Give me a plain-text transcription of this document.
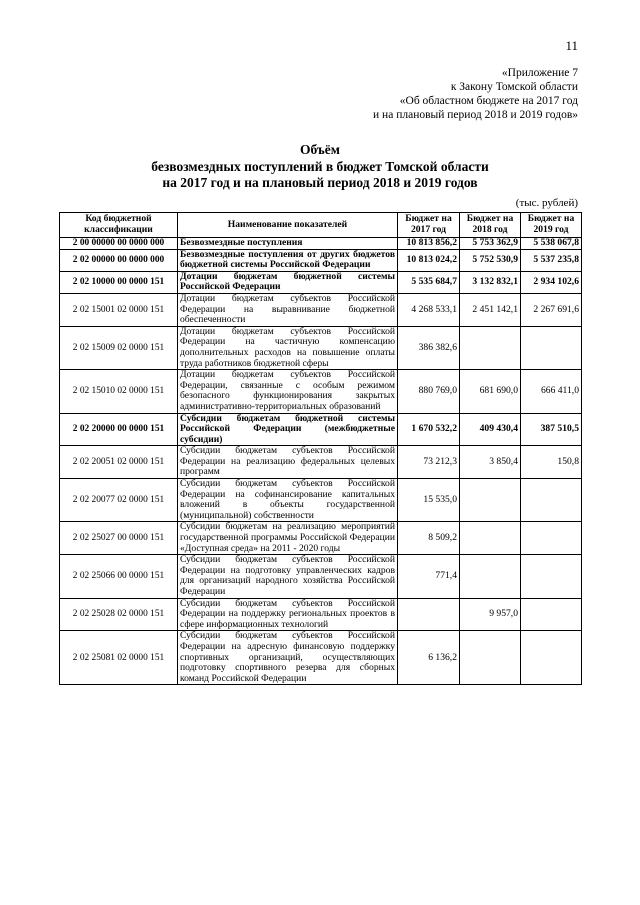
11
«Приложение 7
к Закону Томской области
«Об областном бюджете на 2017 год
и на плановый период 2018 и 2019 годов»
Объём
безвозмездных поступлений в бюджет Томской области
на 2017 год и на плановый период 2018 и 2019 годов
(тыс. рублей)
Код бюджетной классификации	Наименование показателей	Бюджет на 2017 год	Бюджет на 2018 год	Бюджет на 2019 год
2 00 00000 00 0000 000	Безвозмездные поступления	10 813 856,2	5 753 362,9	5 538 067,8
2 02 00000 00 0000 000	Безвозмездные поступления от других бюджетов бюджетной системы Российской Федерации	10 813 024,2	5 752 530,9	5 537 235,8
2 02 10000 00 0000 151	Дотации бюджетам бюджетной системы Российской Федерации	5 535 684,7	3 132 832,1	2 934 102,6
2 02 15001 02 0000 151	Дотации бюджетам субъектов Российской Федерации на выравнивание бюджетной обеспеченности	4 268 533,1	2 451 142,1	2 267 691,6
2 02 15009 02 0000 151	Дотации бюджетам субъектов Российской Федерации на частичную компенсацию дополнительных расходов на повышение оплаты труда работников бюджетной сферы	386 382,6		
2 02 15010 02 0000 151	Дотации бюджетам субъектов Российской Федерации, связанные с особым режимом безопасного функционирования закрытых административно-территориальных образований	880 769,0	681 690,0	666 411,0
2 02 20000 00 0000 151	Субсидии бюджетам бюджетной системы Российской Федерации (межбюджетные субсидии)	1 670 532,2	409 430,4	387 510,5
2 02 20051 02 0000 151	Субсидии бюджетам субъектов Российской Федерации на реализацию федеральных целевых программ	73 212,3	3 850,4	150,8
2 02 20077 02 0000 151	Субсидии бюджетам субъектов Российской Федерации на софинансирование капитальных вложений в объекты государственной (муниципальной) собственности	15 535,0		
2 02 25027 00 0000 151	Субсидии бюджетам на реализацию мероприятий государственной программы Российской Федерации «Доступная среда» на 2011 - 2020 годы	8 509,2		
2 02 25066 00 0000 151	Субсидии бюджетам субъектов Российской Федерации на подготовку управленческих кадров для организаций народного хозяйства Российской Федерации	771,4		
2 02 25028 02 0000 151	Субсидии бюджетам субъектов Российской Федерации на поддержку региональных проектов в сфере информационных технологий		9 957,0	
2 02 25081 02 0000 151	Субсидии бюджетам субъектов Российской Федерации на адресную финансовую поддержку спортивных организаций, осуществляющих подготовку спортивного резерва для сборных команд Российской Федерации	6 136,2		
